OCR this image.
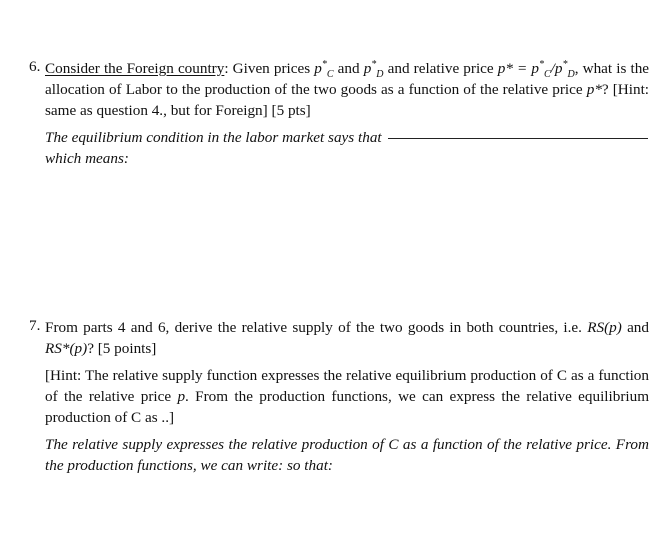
6. Consider the Foreign country: Given prices $p^*_C$ and $p^*_D$ and relative price $p* = p^*_C/p^*_D$, what is the allocation of Labor to the production of the two goods as a function of the relative price p*? [Hint: same as question 4., but for Foreign] [5 pts]
The equilibrium condition in the labor market says that
which means:
7. From parts 4 and 6, derive the relative supply of the two goods in both countries, i.e. RS(p) and RS*(p)? [5 points]
[Hint: The relative supply function expresses the relative equilibrium production of C as a function of the relative price p. From the production functions, we can express the relative equilibrium production of C as ..]
The relative supply expresses the relative production of C as a function of the relative price. From the production functions, we can write: so that:
